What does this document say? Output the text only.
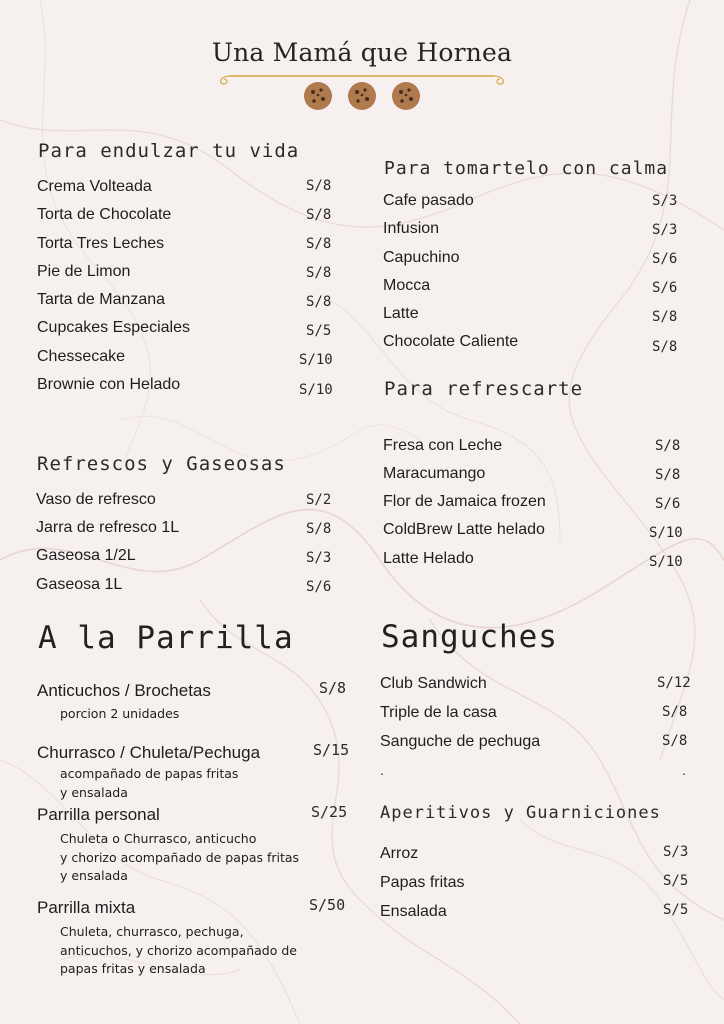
Una Mamá que Hornea
Para endulzar tu vida
Crema Volteada	S/8
Torta de Chocolate	S/8
Torta Tres Leches	S/8
Pie de Limon	S/8
Tarta de Manzana	S/8
Cupcakes Especiales	S/5
Chessecake	S/10
Brownie con Helado	S/10
Refrescos y Gaseosas
Vaso de refresco	S/2
Jarra de refresco 1L	S/8
Gaseosa 1/2L	S/3
Gaseosa 1L	S/6
A la Parrilla
Anticuchos / Brochetas	S/8
porcion 2 unidades
Churrasco / Chuleta/Pechuga	S/15
acompañado de papas fritas
y ensalada
Parrilla personal	S/25
Chuleta o Churrasco, anticucho
y chorizo acompañado de papas fritas
y ensalada
Parrilla mixta	S/50
Chuleta, churrasco, pechuga,
anticuchos, y chorizo acompañado de
papas fritas y ensalada
Para tomartelo con calma
Cafe pasado	S/3
Infusion	S/3
Capuchino	S/6
Mocca	S/6
Latte	S/8
Chocolate Caliente	S/8
Para refrescarte
Fresa con Leche	S/8
Maracumango	S/8
Flor de Jamaica frozen	S/6
ColdBrew Latte helado	S/10
Latte Helado	S/10
Sanguches
Club Sandwich	S/12
Triple de la casa	S/8
Sanguche de pechuga	S/8
.	.
Aperitivos y Guarniciones
Arroz	S/3
Papas fritas	S/5
Ensalada	S/5
